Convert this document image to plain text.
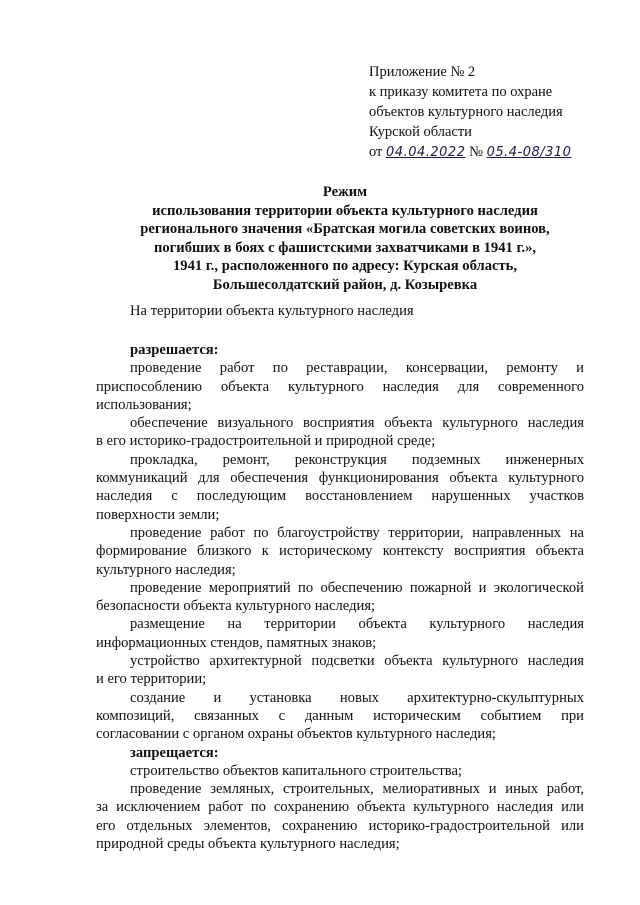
Приложение № 2
к приказу комитета по охране
объектов культурного наследия
Курской области
от 04.04.2022 № 05.4-08/310
Режим
использования территории объекта культурного наследия
регионального значения «Братская могила советских воинов,
погибших в боях с фашистскими захватчиками в 1941 г.»,
1941 г., расположенного по адресу: Курская область,
Большесолдатский район, д. Козыревка
На территории объекта культурного наследия
разрешается:
проведение работ по реставрации, консервации, ремонту и
приспособлению объекта культурного наследия для современного
использования;
обеспечение визуального восприятия объекта культурного наследия
в его историко-градостроительной и природной среде;
прокладка, ремонт, реконструкция подземных инженерных
коммуникаций для обеспечения функционирования объекта культурного
наследия с последующим восстановлением нарушенных участков
поверхности земли;
проведение работ по благоустройству территории, направленных на
формирование близкого к историческому контексту восприятия объекта
культурного наследия;
проведение мероприятий по обеспечению пожарной и экологической
безопасности объекта культурного наследия;
размещение на территории объекта культурного наследия
информационных стендов, памятных знаков;
устройство архитектурной подсветки объекта культурного наследия
и его территории;
создание и установка новых архитектурно-скульптурных
композиций, связанных с данным историческим событием при
согласовании с органом охраны объектов культурного наследия;
запрещается:
строительство объектов капитального строительства;
проведение земляных, строительных, мелиоративных и иных работ,
за исключением работ по сохранению объекта культурного наследия или
его отдельных элементов, сохранению историко-градостроительной или
природной среды объекта культурного наследия;
